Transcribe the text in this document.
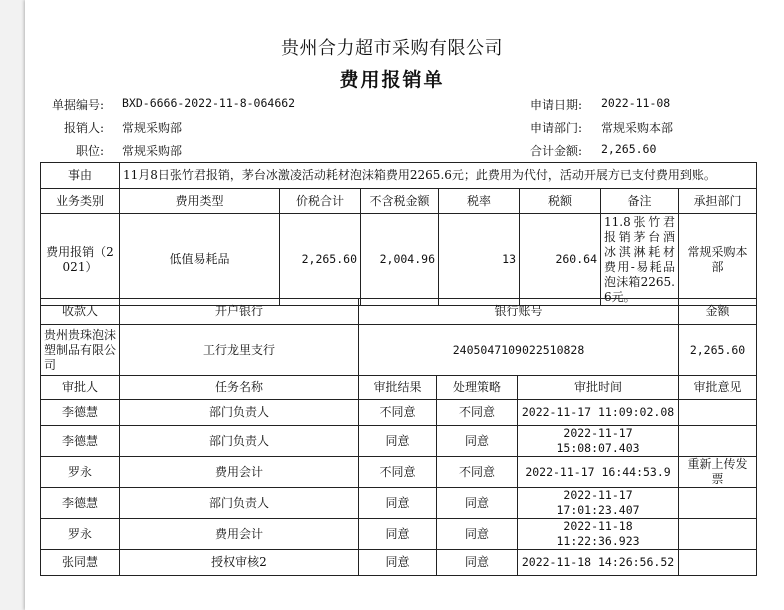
贵州合力超市采购有限公司
费用报销单
单据编号: BXD-6666-2022-11-8-064662
报销人: 常规采购部
职位: 常规采购部
申请日期: 2022-11-08
申请部门: 常规采购本部
合计金额: 2,265.60
事由	11月8日张竹君报销，茅台冰激凌活动耗材泡沫箱费用2265.6元；此费用为代付，活动开展方已支付费用到账。						
业务类别	费用类型	价税合计	不含税金额	税率	税额	备注	承担部门
费用报销（2021）	低值易耗品	2,265.60	2,004.96	13	260.64	11.8张竹君报销茅台酒冰淇淋耗材费用-易耗品泡沫箱2265.6元。	常规采购本部
收款人	开户银行	银行账号			金额
贵州贵珠泡沫塑制品有限公司	工行龙里支行	2405047109022510828			2,265.60
审批人	任务名称	审批结果	处理策略	审批时间	审批意见
李德慧	部门负责人	不同意	不同意	2022-11-17 11:09:02.08	
李德慧	部门负责人	同意	同意	2022-11-17 15:08:07.403	
罗永	费用会计	不同意	不同意	2022-11-17 16:44:53.9	重新上传发票
李德慧	部门负责人	同意	同意	2022-11-17 17:01:23.407	
罗永	费用会计	同意	同意	2022-11-18 11:22:36.923	
张同慧	授权审核2	同意	同意	2022-11-18 14:26:56.52	
